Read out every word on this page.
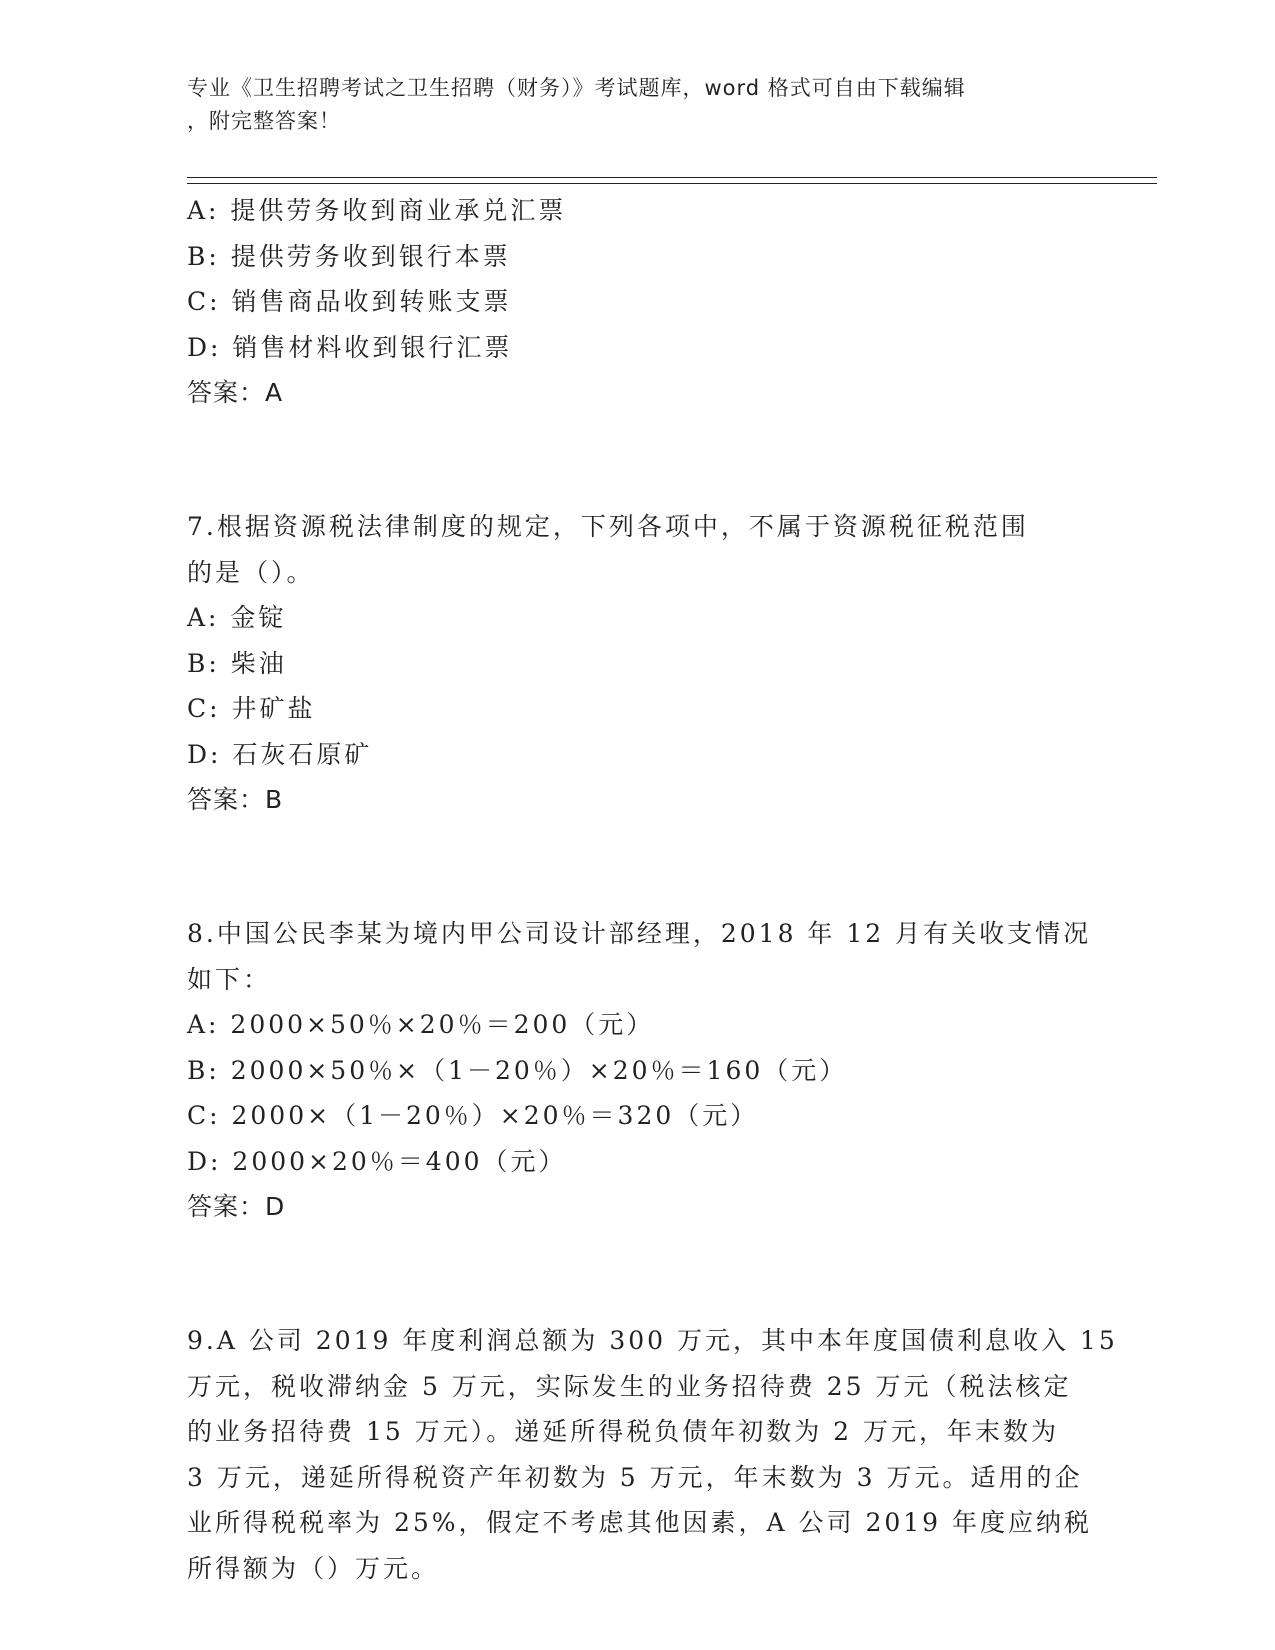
专业《卫生招聘考试之卫生招聘（财务）》考试题库，word 格式可自由下载编辑
，附完整答案！
A: 提供劳务收到商业承兑汇票
B: 提供劳务收到银行本票
C: 销售商品收到转账支票
D: 销售材料收到银行汇票
答案：A
7.根据资源税法律制度的规定，下列各项中，不属于资源税征税范围
的是（）。
A: 金锭
B: 柴油
C: 井矿盐
D: 石灰石原矿
答案：B
8.中国公民李某为境内甲公司设计部经理，2018 年 12 月有关收支情况
如下：
A: 2000×50％×20％＝200（元）
B: 2000×50％×（1－20％）×20％＝160（元）
C: 2000×（1－20％）×20％＝320（元）
D: 2000×20％＝400（元）
答案：D
9.A 公司 2019 年度利润总额为 300 万元，其中本年度国债利息收入 15
万元，税收滞纳金 5 万元，实际发生的业务招待费 25 万元（税法核定
的业务招待费 15 万元）。递延所得税负债年初数为 2 万元，年末数为
3 万元，递延所得税资产年初数为 5 万元，年末数为 3 万元。适用的企
业所得税税率为 25%，假定不考虑其他因素，A 公司 2019 年度应纳税
所得额为（）万元。
